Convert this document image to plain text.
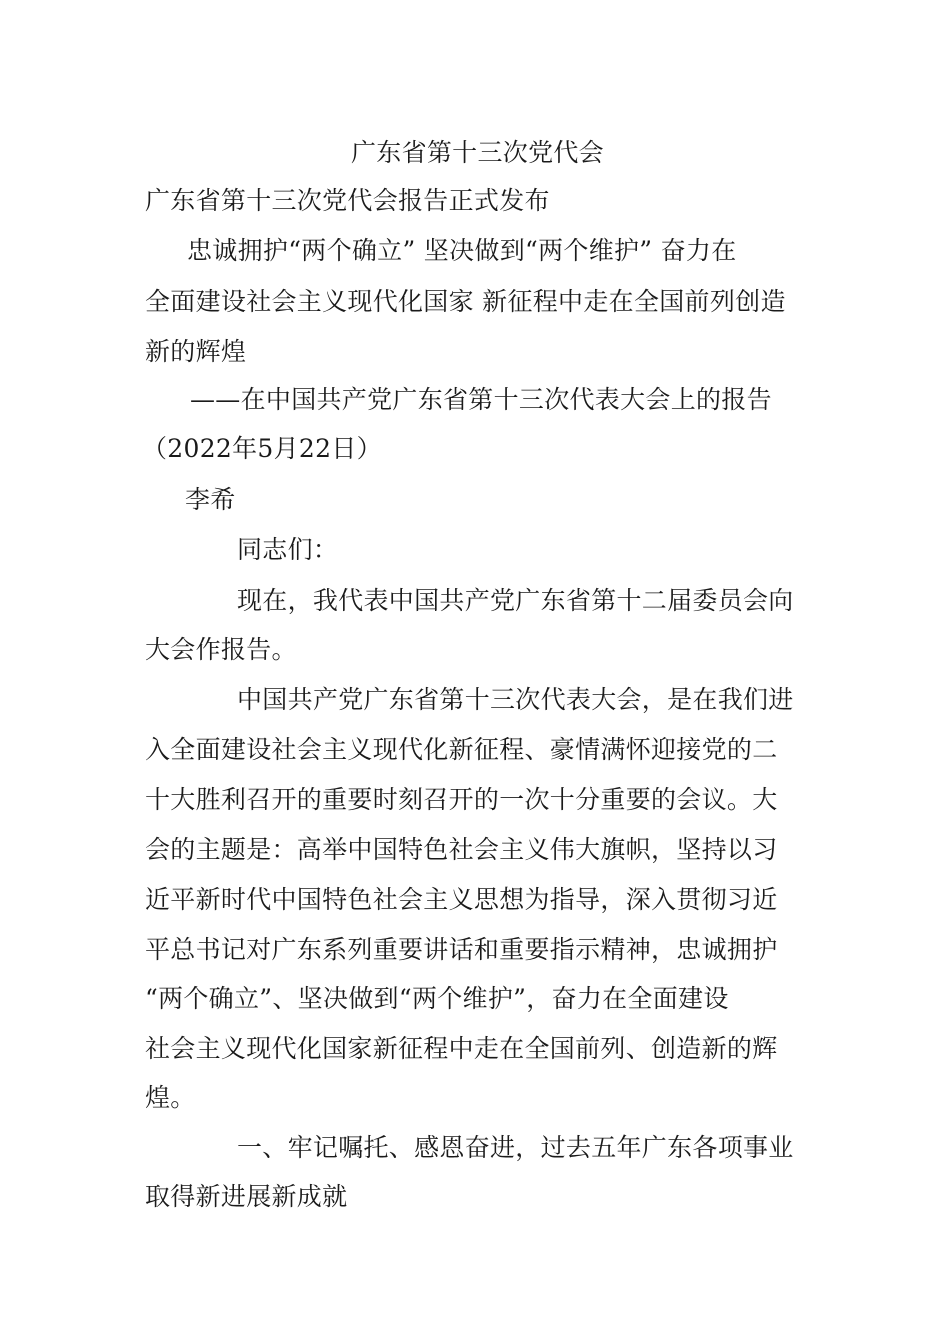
广东省第十三次党代会
广东省第十三次党代会报告正式发布
忠诚拥护“两个确立” 坚决做到“两个维护” 奋力在
全面建设社会主义现代化国家 新征程中走在全国前列创造
新的辉煌
——在中国共产党广东省第十三次代表大会上的报告
（2022年5月22日）
李希
同志们：
现在，我代表中国共产党广东省第十二届委员会向
大会作报告。
中国共产党广东省第十三次代表大会，是在我们进
入全面建设社会主义现代化新征程、豪情满怀迎接党的二
十大胜利召开的重要时刻召开的一次十分重要的会议。大
会的主题是：高举中国特色社会主义伟大旗帜，坚持以习
近平新时代中国特色社会主义思想为指导，深入贯彻习近
平总书记对广东系列重要讲话和重要指示精神，忠诚拥护
“两个确立”、坚决做到“两个维护”，奋力在全面建设
社会主义现代化国家新征程中走在全国前列、创造新的辉
煌。
一、牢记嘱托、感恩奋进，过去五年广东各项事业
取得新进展新成就
